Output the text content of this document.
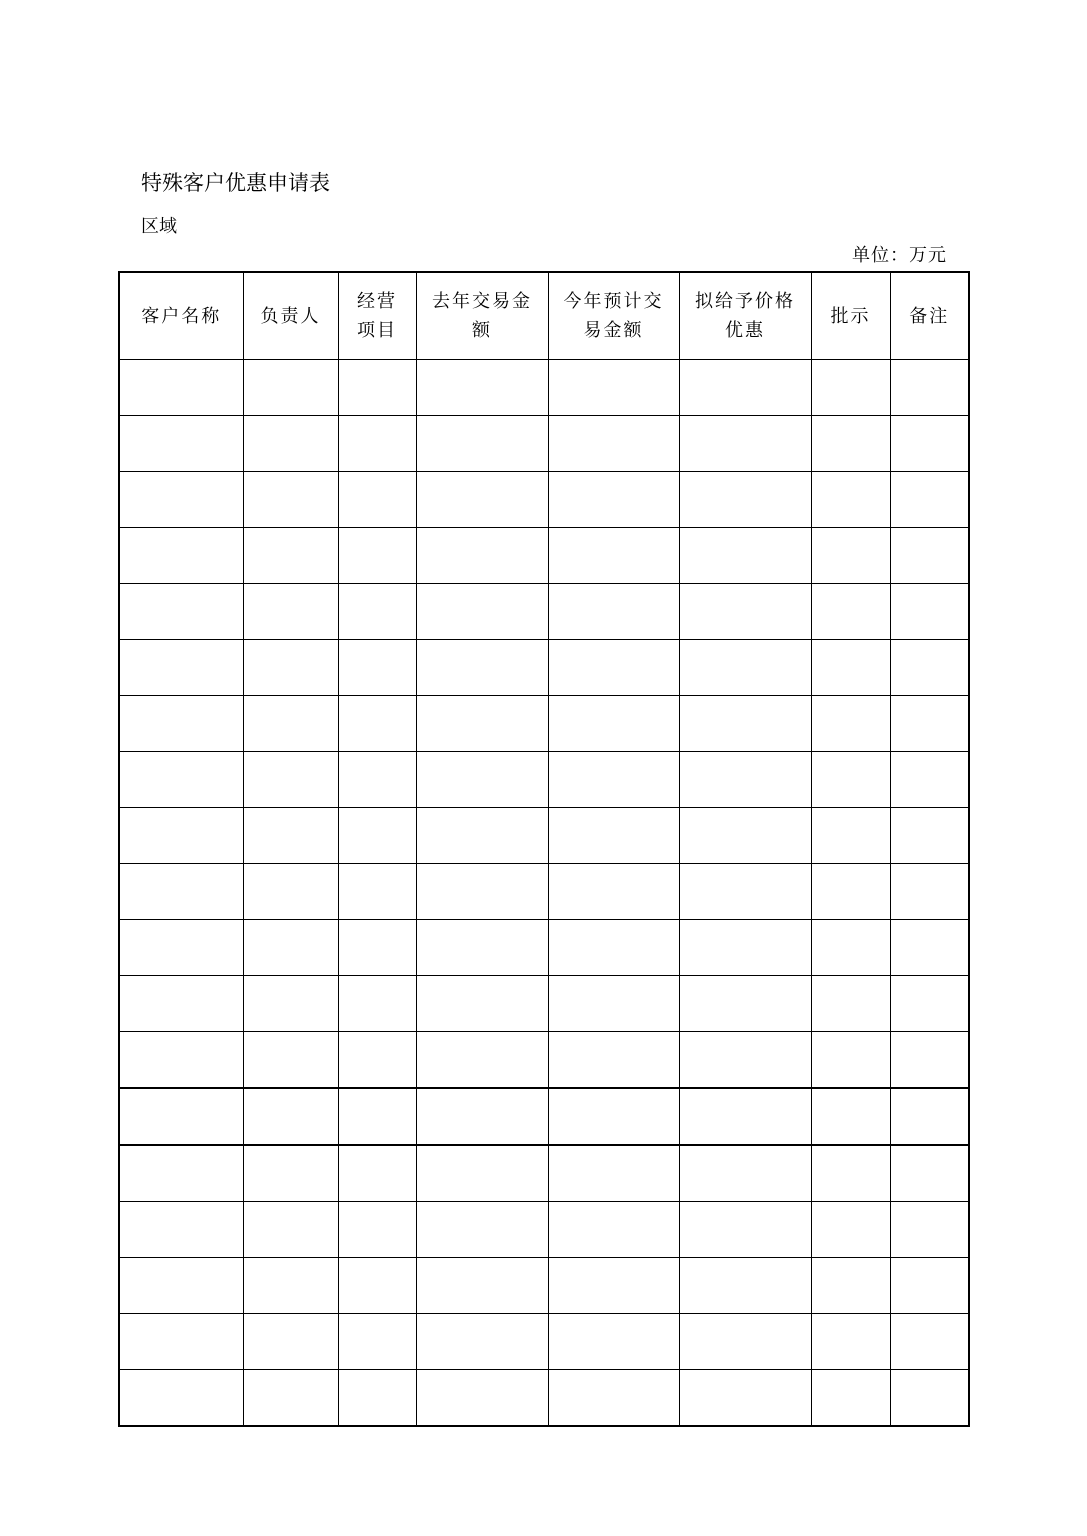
特殊客户优惠申请表
区域
单位：万元
客户名称	负责人	经营项目	去年交易金额	今年预计交易金额	拟给予价格优惠	批示	备注
